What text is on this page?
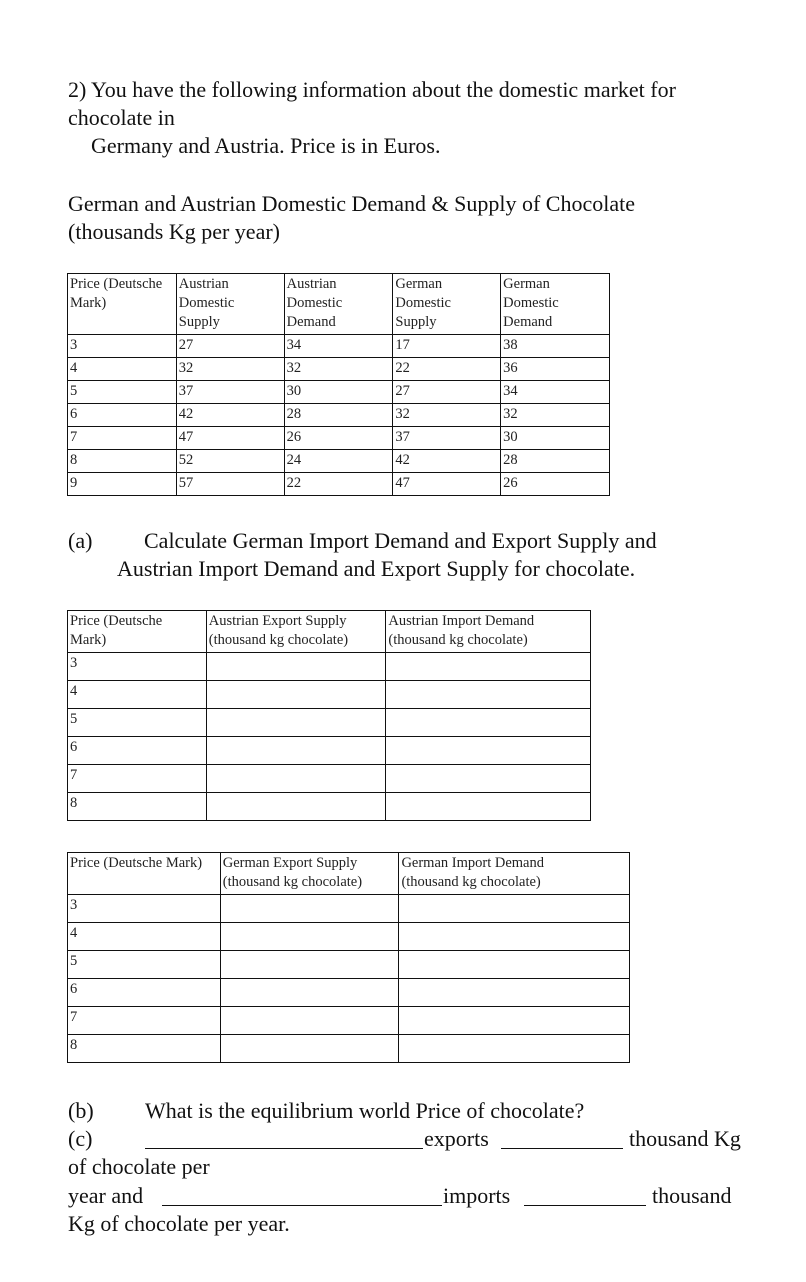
2) You have the following information about the domestic market for
chocolate in
Germany and Austria. Price is in Euros.
German and Austrian Domestic Demand & Supply of Chocolate
(thousands Kg per year)
Price (Deutsche
Mark)	Austrian
Domestic
Supply	Austrian
Domestic
Demand	German
Domestic
Supply	German
Domestic
Demand
3	27	34	17	38
4	32	32	22	36
5	37	30	27	34
6	42	28	32	32
7	47	26	37	30
8	52	24	42	28
9	57	22	47	26
(a) Calculate German Import Demand and Export Supply and
Austrian Import Demand and Export Supply for chocolate.
Price (Deutsche
Mark)	Austrian Export Supply
(thousand kg chocolate)	Austrian Import Demand
(thousand kg chocolate)
3		
4		
5		
6		
7		
8		
Price (Deutsche Mark)	German Export Supply
(thousand kg chocolate)	German Import Demand
(thousand kg chocolate)
3		
4		
5		
6		
7		
8		
(b) What is the equilibrium world Price of chocolate?
(c)	exports	thousand Kg
of chocolate per
year and	imports	thousand
Kg of chocolate per year.
